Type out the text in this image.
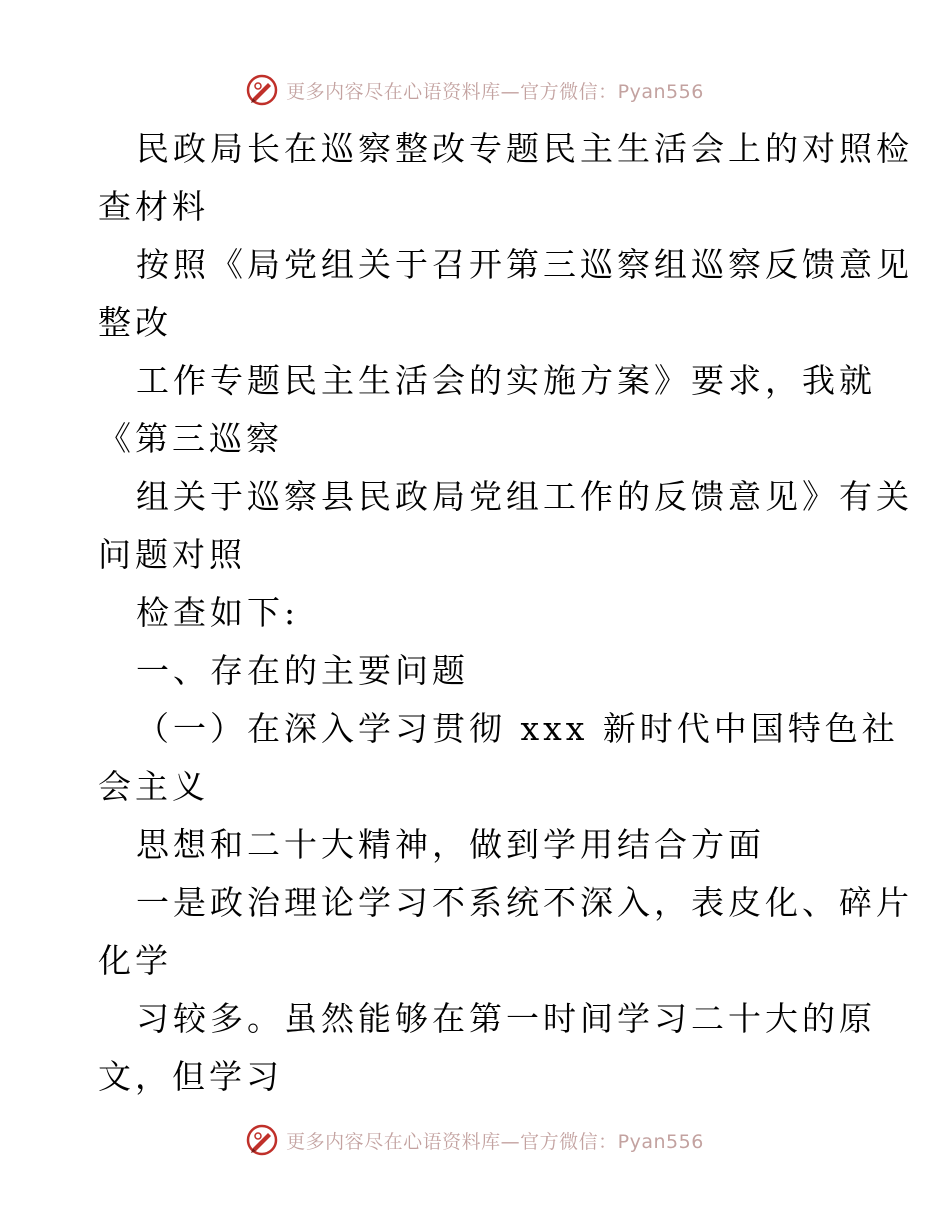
更多内容尽在心语资料库—官方微信：Pyan556
民政局长在巡察整改专题民主生活会上的对照检
查材料
按照《局党组关于召开第三巡察组巡察反馈意见
整改
工作专题民主生活会的实施方案》要求，我就
《第三巡察
组关于巡察县民政局党组工作的反馈意见》有关
问题对照
检查如下:
一、存在的主要问题
（一）在深入学习贯彻 xxx 新时代中国特色社
会主义
思想和二十大精神，做到学用结合方面
一是政治理论学习不系统不深入，表皮化、碎片
化学
习较多。虽然能够在第一时间学习二十大的原
文，但学习
更多内容尽在心语资料库—官方微信：Pyan556
